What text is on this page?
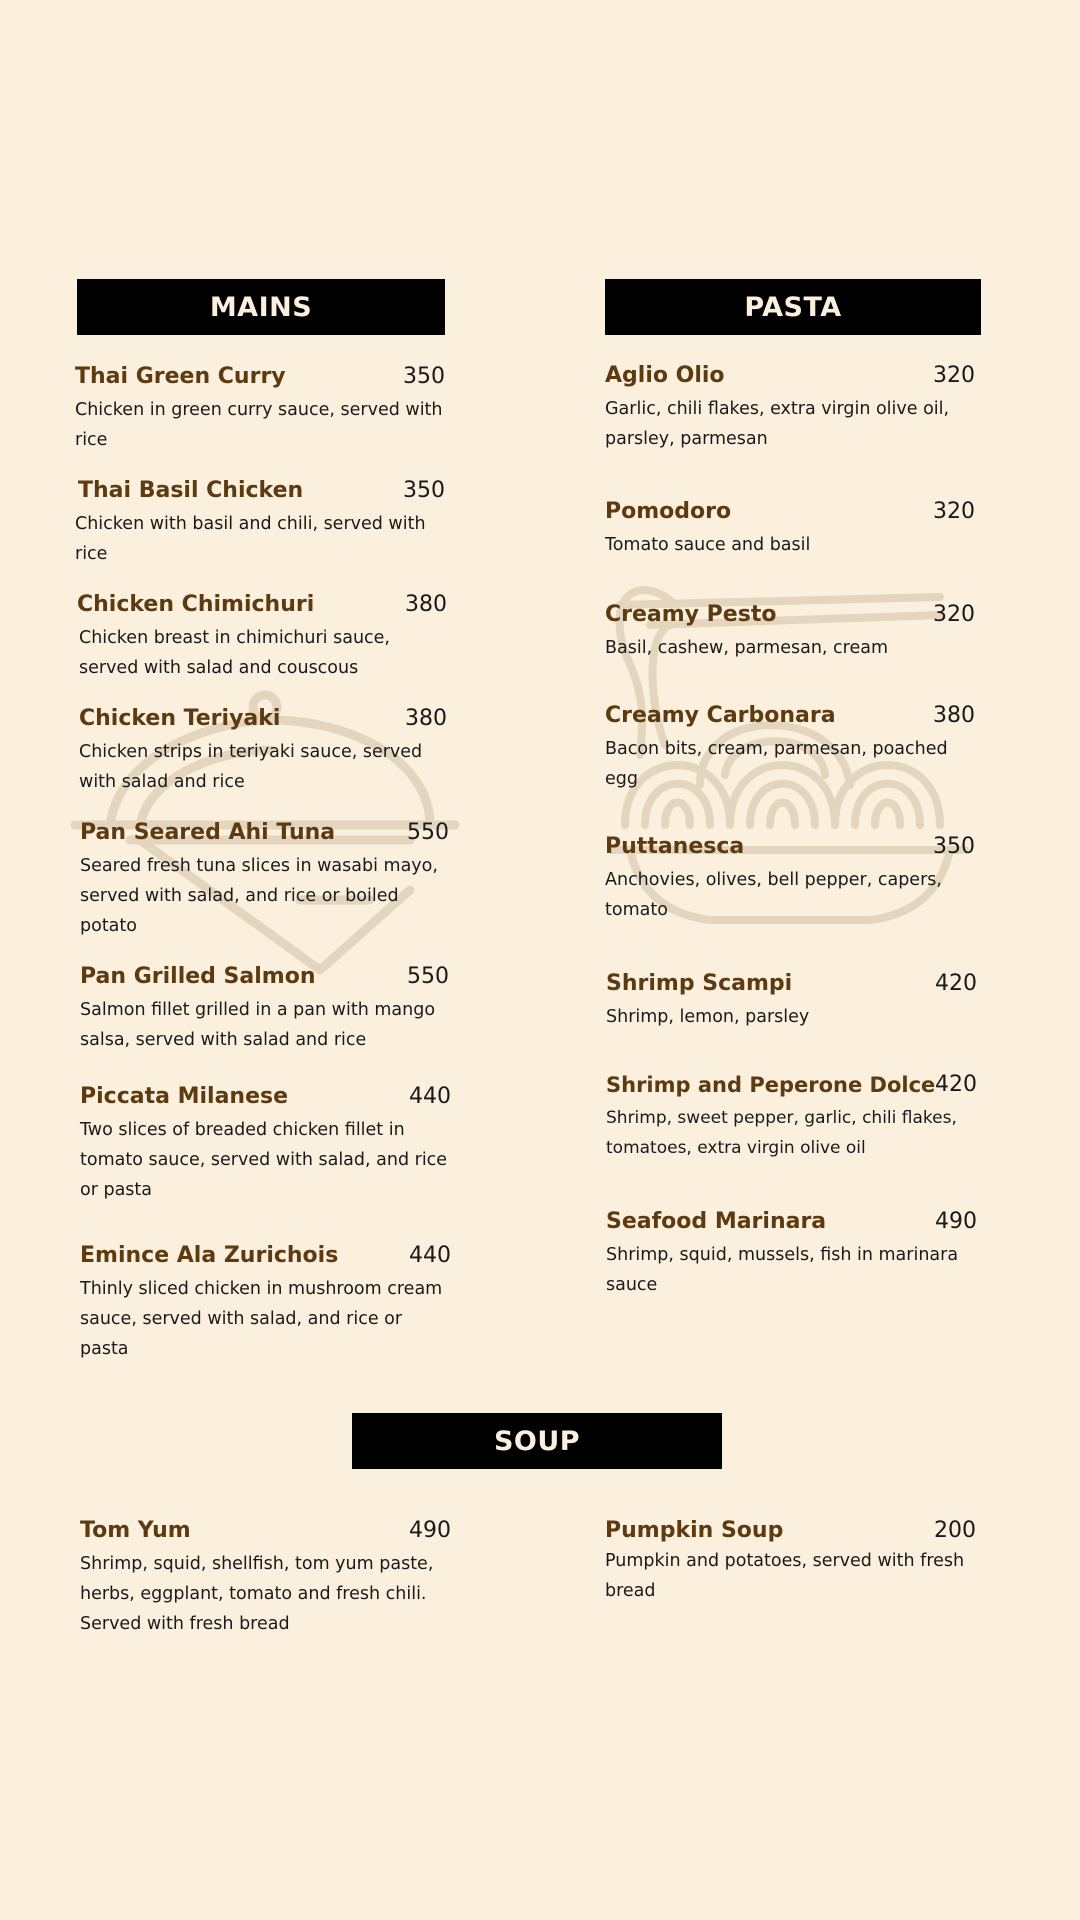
MAINS
Thai Green Curry	350
Chicken in green curry sauce, served with rice
Thai Basil Chicken	350
Chicken with basil and chili, served with rice
Chicken Chimichuri	380
Chicken breast in chimichuri sauce, served with salad and couscous
Chicken Teriyaki	380
Chicken strips in teriyaki sauce, served with salad and rice
Pan Seared Ahi Tuna	550
Seared fresh tuna slices in wasabi mayo, served with salad, and rice or boiled potato
Pan Grilled Salmon	550
Salmon fillet grilled in a pan with mango salsa, served with salad and rice
Piccata Milanese	440
Two slices of breaded chicken fillet in tomato sauce, served with salad, and rice or pasta
Emince Ala Zurichois	440
Thinly sliced chicken in mushroom cream sauce, served with salad, and rice or pasta
PASTA
Aglio Olio	320
Garlic, chili flakes, extra virgin olive oil, parsley, parmesan
Pomodoro	320
Tomato sauce and basil
Creamy Pesto	320
Basil, cashew, parmesan, cream
Creamy Carbonara	380
Bacon bits, cream, parmesan, poached egg
Puttanesca	350
Anchovies, olives, bell pepper, capers, tomato
Shrimp Scampi	420
Shrimp, lemon, parsley
Shrimp and Peperone Dolce 420
Shrimp, sweet pepper, garlic, chili flakes, tomatoes, extra virgin olive oil
Seafood Marinara	490
Shrimp, squid, mussels, fish in marinara sauce
SOUP
Tom Yum	490
Shrimp, squid, shellfish, tom yum paste, herbs, eggplant, tomato and fresh chili. Served with fresh bread
Pumpkin Soup	200
Pumpkin and potatoes, served with fresh bread
